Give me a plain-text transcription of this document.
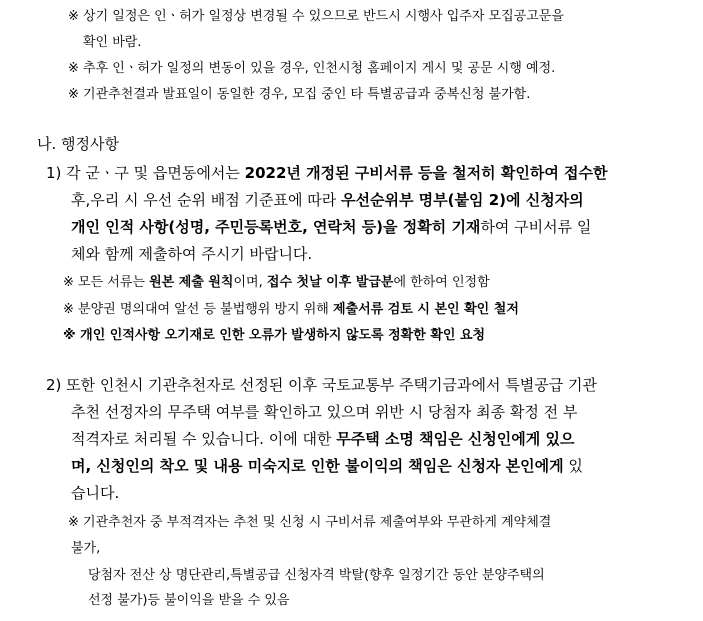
※ 상기 일정은 인ㆍ허가 일정상 변경될 수 있으므로 반드시 시행사 입주자 모집공고문을
확인 바람.
※ 추후 인ㆍ허가 일정의 변동이 있을 경우, 인천시청 홈페이지 게시 및 공문 시행 예정.
※ 기관추천결과 발표일이 동일한 경우, 모집 중인 타 특별공급과 중복신청 불가함.
나. 행정사항
1) 각 군ㆍ구 및 읍면동에서는 2022년 개정된 구비서류 등을 철저히 확인하여 접수한
후,우리 시 우선 순위 배점 기준표에 따라 우선순위부 명부(붙임 2)에 신청자의
개인 인적 사항(성명, 주민등록번호, 연락처 등)을 정확히 기재하여 구비서류 일
체와 함께 제출하여 주시기 바랍니다.
※ 모든 서류는 원본 제출 원칙이며, 접수 첫날 이후 발급분에 한하여 인정함
※ 분양권 명의대여 알선 등 불법행위 방지 위해 제출서류 검토 시 본인 확인 철저
※ 개인 인적사항 오기재로 인한 오류가 발생하지 않도록 정확한 확인 요청
2) 또한 인천시 기관추천자로 선정된 이후 국토교통부 주택기금과에서 특별공급 기관
추천 선정자의 무주택 여부를 확인하고 있으며 위반 시 당첨자 최종 확정 전 부
적격자로 처리될 수 있습니다. 이에 대한 무주택 소명 책임은 신청인에게 있으
며, 신청인의 착오 및 내용 미숙지로 인한 불이익의 책임은 신청자 본인에게 있
습니다.
※ 기관추천자 중 부적격자는 추천 및 신청 시 구비서류 제출여부와 무관하게 계약체결
불가,
당첨자 전산 상 명단관리,특별공급 신청자격 박탈(향후 일정기간 동안 분양주택의
선정 불가)등 불이익을 받을 수 있음
